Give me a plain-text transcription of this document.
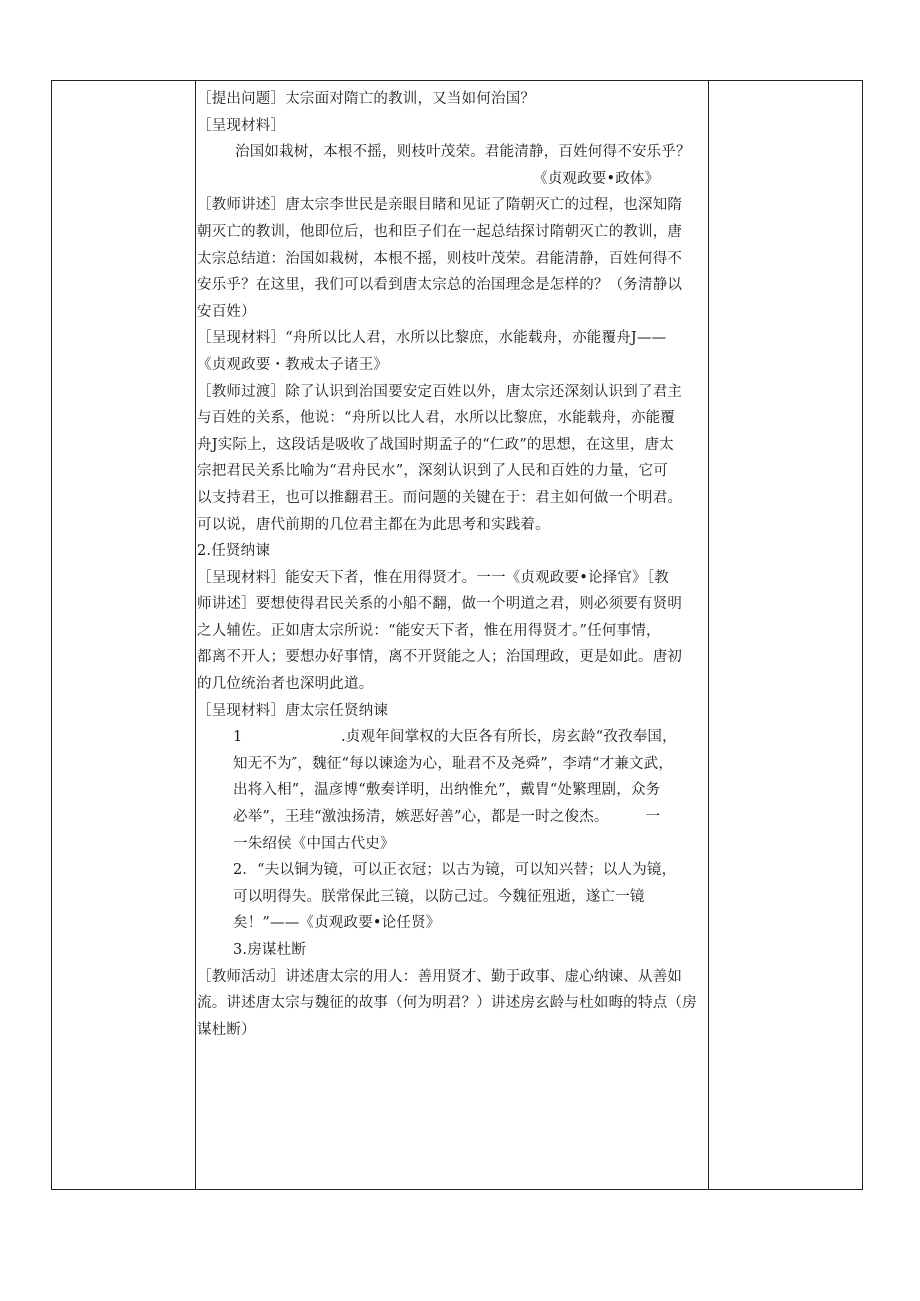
［提出问题］太宗面对隋亡的教训，又当如何治国？
［呈现材料］
治国如栽树，本根不摇，则枝叶茂荣。君能清静，百姓何得不安乐乎？
《贞观政要•政体》
［教师讲述］唐太宗李世民是亲眼目睹和见证了隋朝灭亡的过程，也深知隋
朝灭亡的教训，他即位后，也和臣子们在一起总结探讨隋朝灭亡的教训，唐
太宗总结道：治国如栽树，本根不摇，则枝叶茂荣。君能清静，百姓何得不
安乐乎？在这里，我们可以看到唐太宗总的治国理念是怎样的？（务清静以
安百姓）
［呈现材料］“舟所以比人君，水所以比黎庶，水能载舟，亦能覆舟J——
《贞观政要・教戒太子诸王》
［教师过渡］除了认识到治国要安定百姓以外，唐太宗还深刻认识到了君主
与百姓的关系，他说：“舟所以比人君，水所以比黎庶，水能载舟，亦能覆
舟J实际上，这段话是吸收了战国时期孟子的“仁政”的思想，在这里，唐太
宗把君民关系比喻为“君舟民水”，深刻认识到了人民和百姓的力量，它可
以支持君王，也可以推翻君王。而问题的关键在于：君主如何做一个明君。
可以说，唐代前期的几位君主都在为此思考和实践着。
2.任贤纳谏
［呈现材料］能安天下者，惟在用得贤才。一一《贞观政要•论择官》［教
师讲述］要想使得君民关系的小船不翻，做一个明道之君，则必须要有贤明
之人辅佐。正如唐太宗所说：“能安天下者，惟在用得贤才。”任何事情，
都离不开人；要想办好事情，离不开贤能之人；治国理政，更是如此。唐初
的几位统治者也深明此道。
［呈现材料］唐太宗任贤纳谏
1	.贞观年间掌权的大臣各有所长，房玄龄“孜孜奉国，
知无不为″，魏征“每以谏途为心，耻君不及尧舜”，李靖“才兼文武，
出将入相”，温彦博“敷奏详明，出纳惟允”，戴胄“处繁理剧，众务
必举”，王珪“激浊扬清，嫉恶好善”心，都是一时之俊杰。　　　一
一朱绍侯《中国古代史》
2．“夫以铜为镜，可以正衣冠；以古为镜，可以知兴替；以人为镜，
可以明得失。朕常保此三镜，以防己过。今魏征殂逝，遂亡一镜
矣！”——《贞观政要•论任贤》
3.房谋杜断
［教师活动］讲述唐太宗的用人：善用贤才、勤于政事、虚心纳谏、从善如
流。讲述唐太宗与魏征的故事（何为明君？）讲述房玄龄与杜如晦的特点（房
谋杜断）
